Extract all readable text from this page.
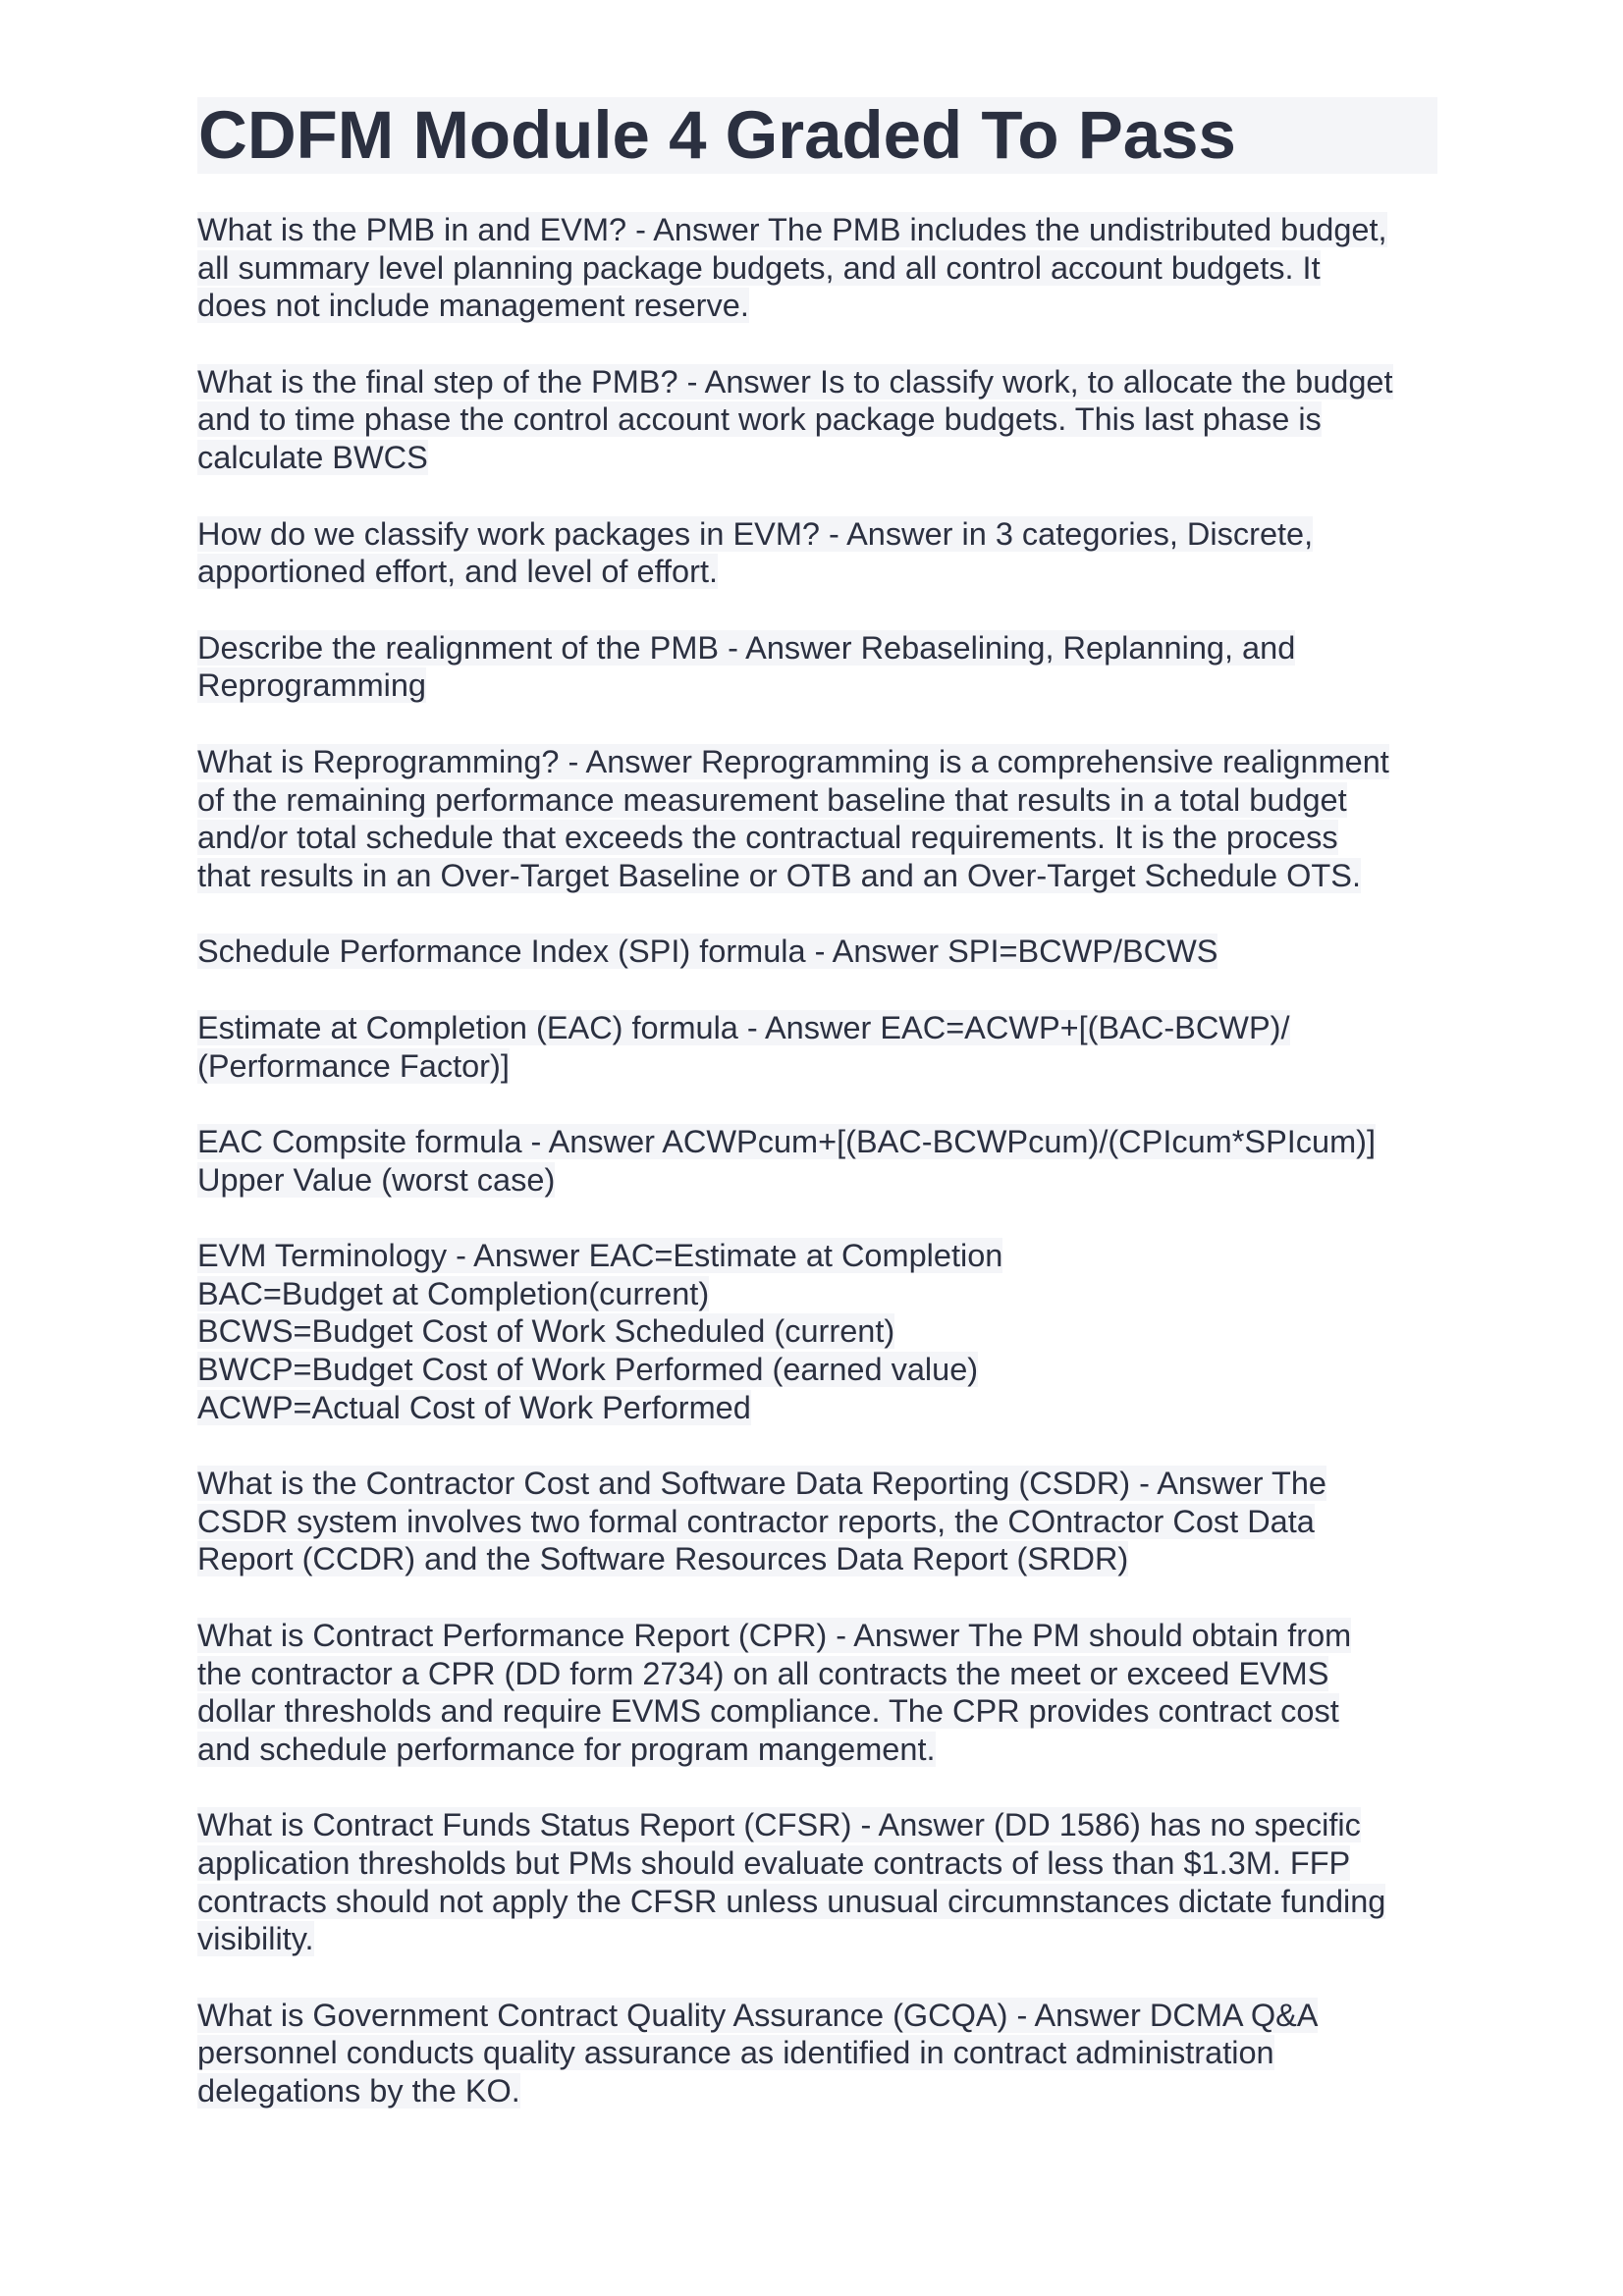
CDFM Module 4 Graded To Pass
What is the PMB in and EVM? - Answer The PMB includes the undistributed budget,
all summary level planning package budgets, and all control account budgets. It
does not include management reserve.
What is the final step of the PMB? - Answer Is to classify work, to allocate the budget
and to time phase the control account work package budgets. This last phase is
calculate BWCS
How do we classify work packages in EVM? - Answer in 3 categories, Discrete,
apportioned effort, and level of effort.
Describe the realignment of the PMB - Answer Rebaselining, Replanning, and
Reprogramming
What is Reprogramming? - Answer Reprogramming is a comprehensive realignment
of the remaining performance measurement baseline that results in a total budget
and/or total schedule that exceeds the contractual requirements. It is the process
that results in an Over-Target Baseline or OTB and an Over-Target Schedule OTS.
Schedule Performance Index (SPI) formula - Answer SPI=BCWP/BCWS
Estimate at Completion (EAC) formula - Answer EAC=ACWP+[(BAC-BCWP)/
(Performance Factor)]
EAC Compsite formula - Answer ACWPcum+[(BAC-BCWPcum)/(CPIcum*SPIcum)]
Upper Value (worst case)
EVM Terminology - Answer EAC=Estimate at Completion
BAC=Budget at Completion(current)
BCWS=Budget Cost of Work Scheduled (current)
BWCP=Budget Cost of Work Performed (earned value)
ACWP=Actual Cost of Work Performed
What is the Contractor Cost and Software Data Reporting (CSDR) - Answer The
CSDR system involves two formal contractor reports, the COntractor Cost Data
Report (CCDR) and the Software Resources Data Report (SRDR)
What is Contract Performance Report (CPR) - Answer The PM should obtain from
the contractor a CPR (DD form 2734) on all contracts the meet or exceed EVMS
dollar thresholds and require EVMS compliance. The CPR provides contract cost
and schedule performance for program mangement.
What is Contract Funds Status Report (CFSR) - Answer (DD 1586) has no specific
application thresholds but PMs should evaluate contracts of less than $1.3M. FFP
contracts should not apply the CFSR unless unusual circumnstances dictate funding
visibility.
What is Government Contract Quality Assurance (GCQA) - Answer DCMA Q&A
personnel conducts quality assurance as identified in contract administration
delegations by the KO.
